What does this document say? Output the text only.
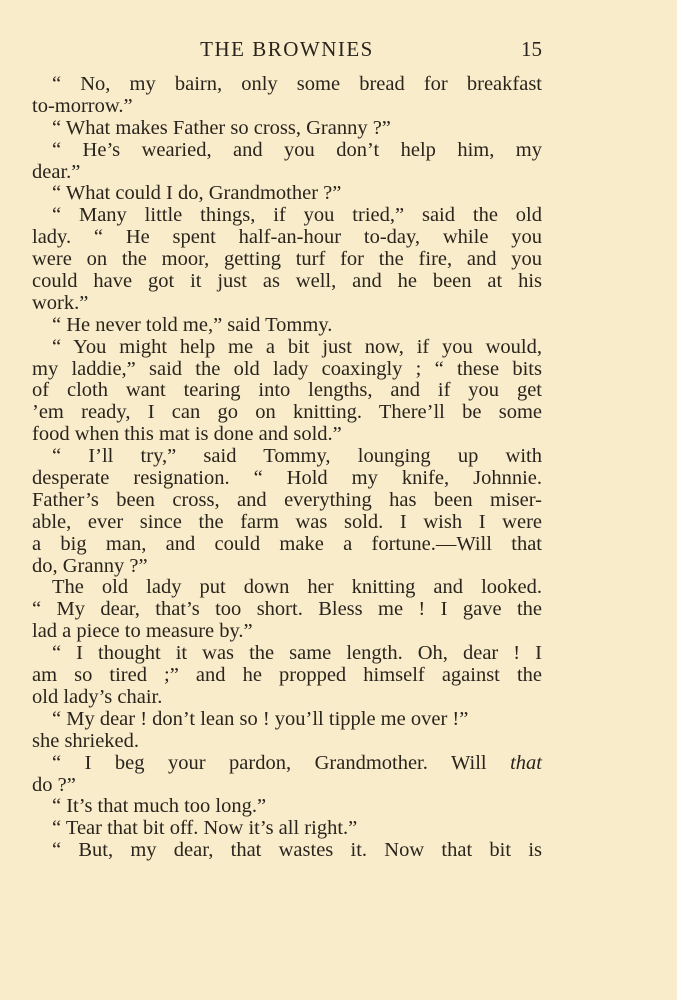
THE BROWNIES	15
“ No, my bairn, only some bread for breakfast
to-morrow.”
“ What makes Father so cross, Granny ?”
“ He’s wearied, and you don’t help him, my
dear.”
“ What could I do, Grandmother ?”
“ Many little things, if you tried,” said the old
lady. “ He spent half-an-hour to-day, while you
were on the moor, getting turf for the fire, and you
could have got it just as well, and he been at his
work.”
“ He never told me,” said Tommy.
“ You might help me a bit just now, if you would,
my laddie,” said the old lady coaxingly ; “ these bits
of cloth want tearing into lengths, and if you get
’em ready, I can go on knitting. There’ll be some
food when this mat is done and sold.”
“ I’ll try,” said Tommy, lounging up with
desperate resignation. “ Hold my knife, Johnnie.
Father’s been cross, and everything has been miser-
able, ever since the farm was sold. I wish I were
a big man, and could make a fortune.—Will that
do, Granny ?”
The old lady put down her knitting and looked.
“ My dear, that’s too short. Bless me ! I gave the
lad a piece to measure by.”
“ I thought it was the same length. Oh, dear ! I
am so tired ;” and he propped himself against the
old lady’s chair.
“ My dear ! don’t lean so ! you’ll tipple me over !”
she shrieked.
“ I beg your pardon, Grandmother. Will that
do ?”
“ It’s that much too long.”
“ Tear that bit off. Now it’s all right.”
“ But, my dear, that wastes it. Now that bit is
